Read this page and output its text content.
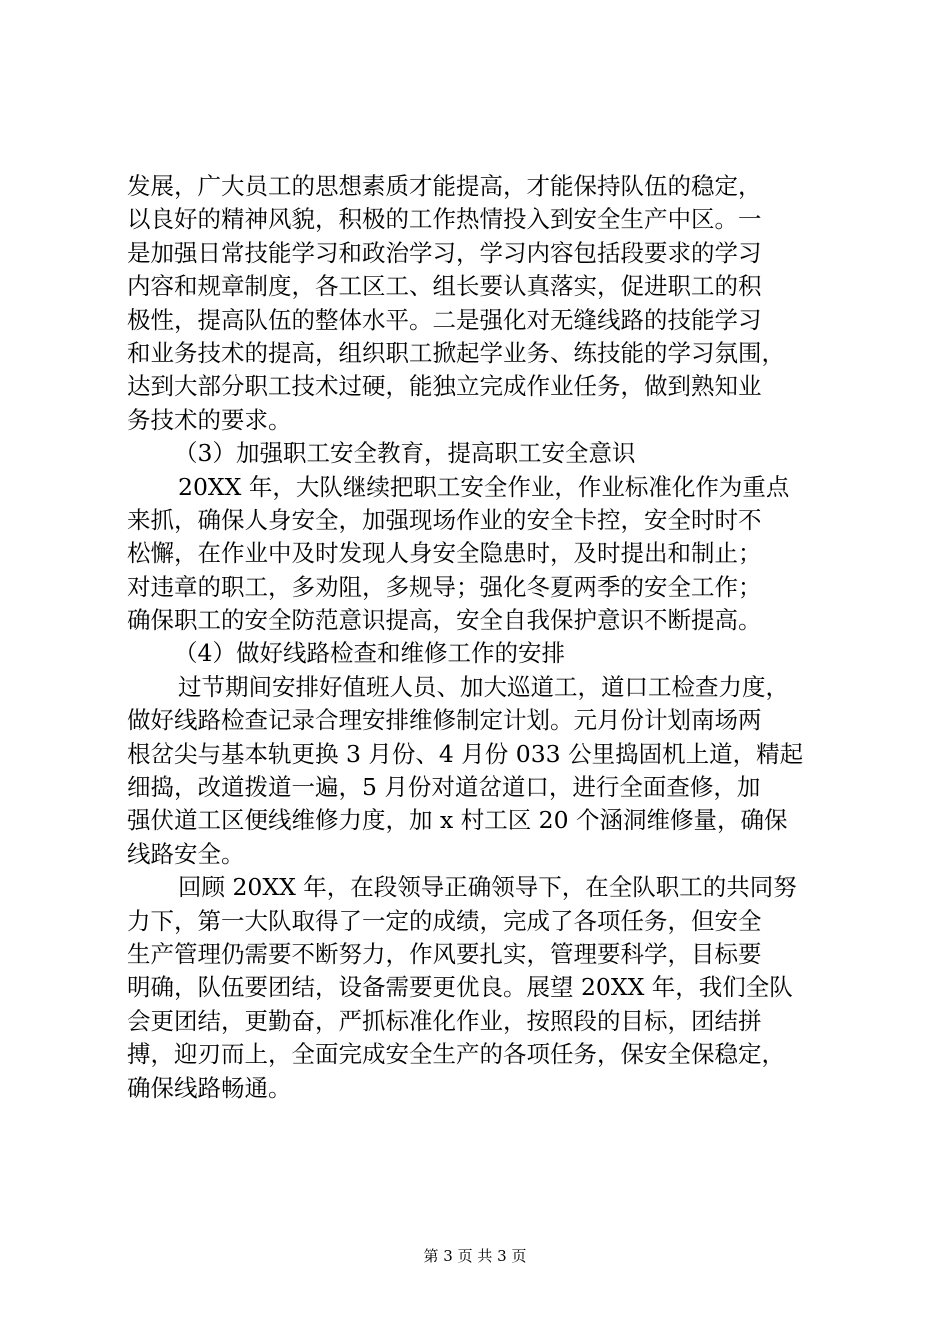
发展，广大员工的思想素质才能提高，才能保持队伍的稳定，
以良好的精神风貌，积极的工作热情投入到安全生产中区。一
是加强日常技能学习和政治学习，学习内容包括段要求的学习
内容和规章制度，各工区工、组长要认真落实，促进职工的积
极性，提高队伍的整体水平。二是强化对无缝线路的技能学习
和业务技术的提高，组织职工掀起学业务、练技能的学习氛围，
达到大部分职工技术过硬，能独立完成作业任务，做到熟知业
务技术的要求。
（3）加强职工安全教育，提高职工安全意识
20XX 年，大队继续把职工安全作业，作业标准化作为重点
来抓，确保人身安全，加强现场作业的安全卡控，安全时时不
松懈，在作业中及时发现人身安全隐患时，及时提出和制止；
对违章的职工，多劝阻，多规导；强化冬夏两季的安全工作；
确保职工的安全防范意识提高，安全自我保护意识不断提高。
（4）做好线路检查和维修工作的安排
过节期间安排好值班人员、加大巡道工，道口工检查力度，
做好线路检查记录合理安排维修制定计划。元月份计划南场两
根岔尖与基本轨更换 3 月份、4 月份 033 公里捣固机上道，精起
细捣，改道拨道一遍，5 月份对道岔道口，进行全面查修，加
强伏道工区便线维修力度，加 x 村工区 20 个涵洞维修量，确保
线路安全。
回顾 20XX 年，在段领导正确领导下，在全队职工的共同努
力下，第一大队取得了一定的成绩，完成了各项任务，但安全
生产管理仍需要不断努力，作风要扎实，管理要科学，目标要
明确，队伍要团结，设备需要更优良。展望 20XX 年，我们全队
会更团结，更勤奋，严抓标准化作业，按照段的目标，团结拼
搏，迎刃而上，全面完成安全生产的各项任务，保安全保稳定，
确保线路畅通。
第 3 页 共 3 页
